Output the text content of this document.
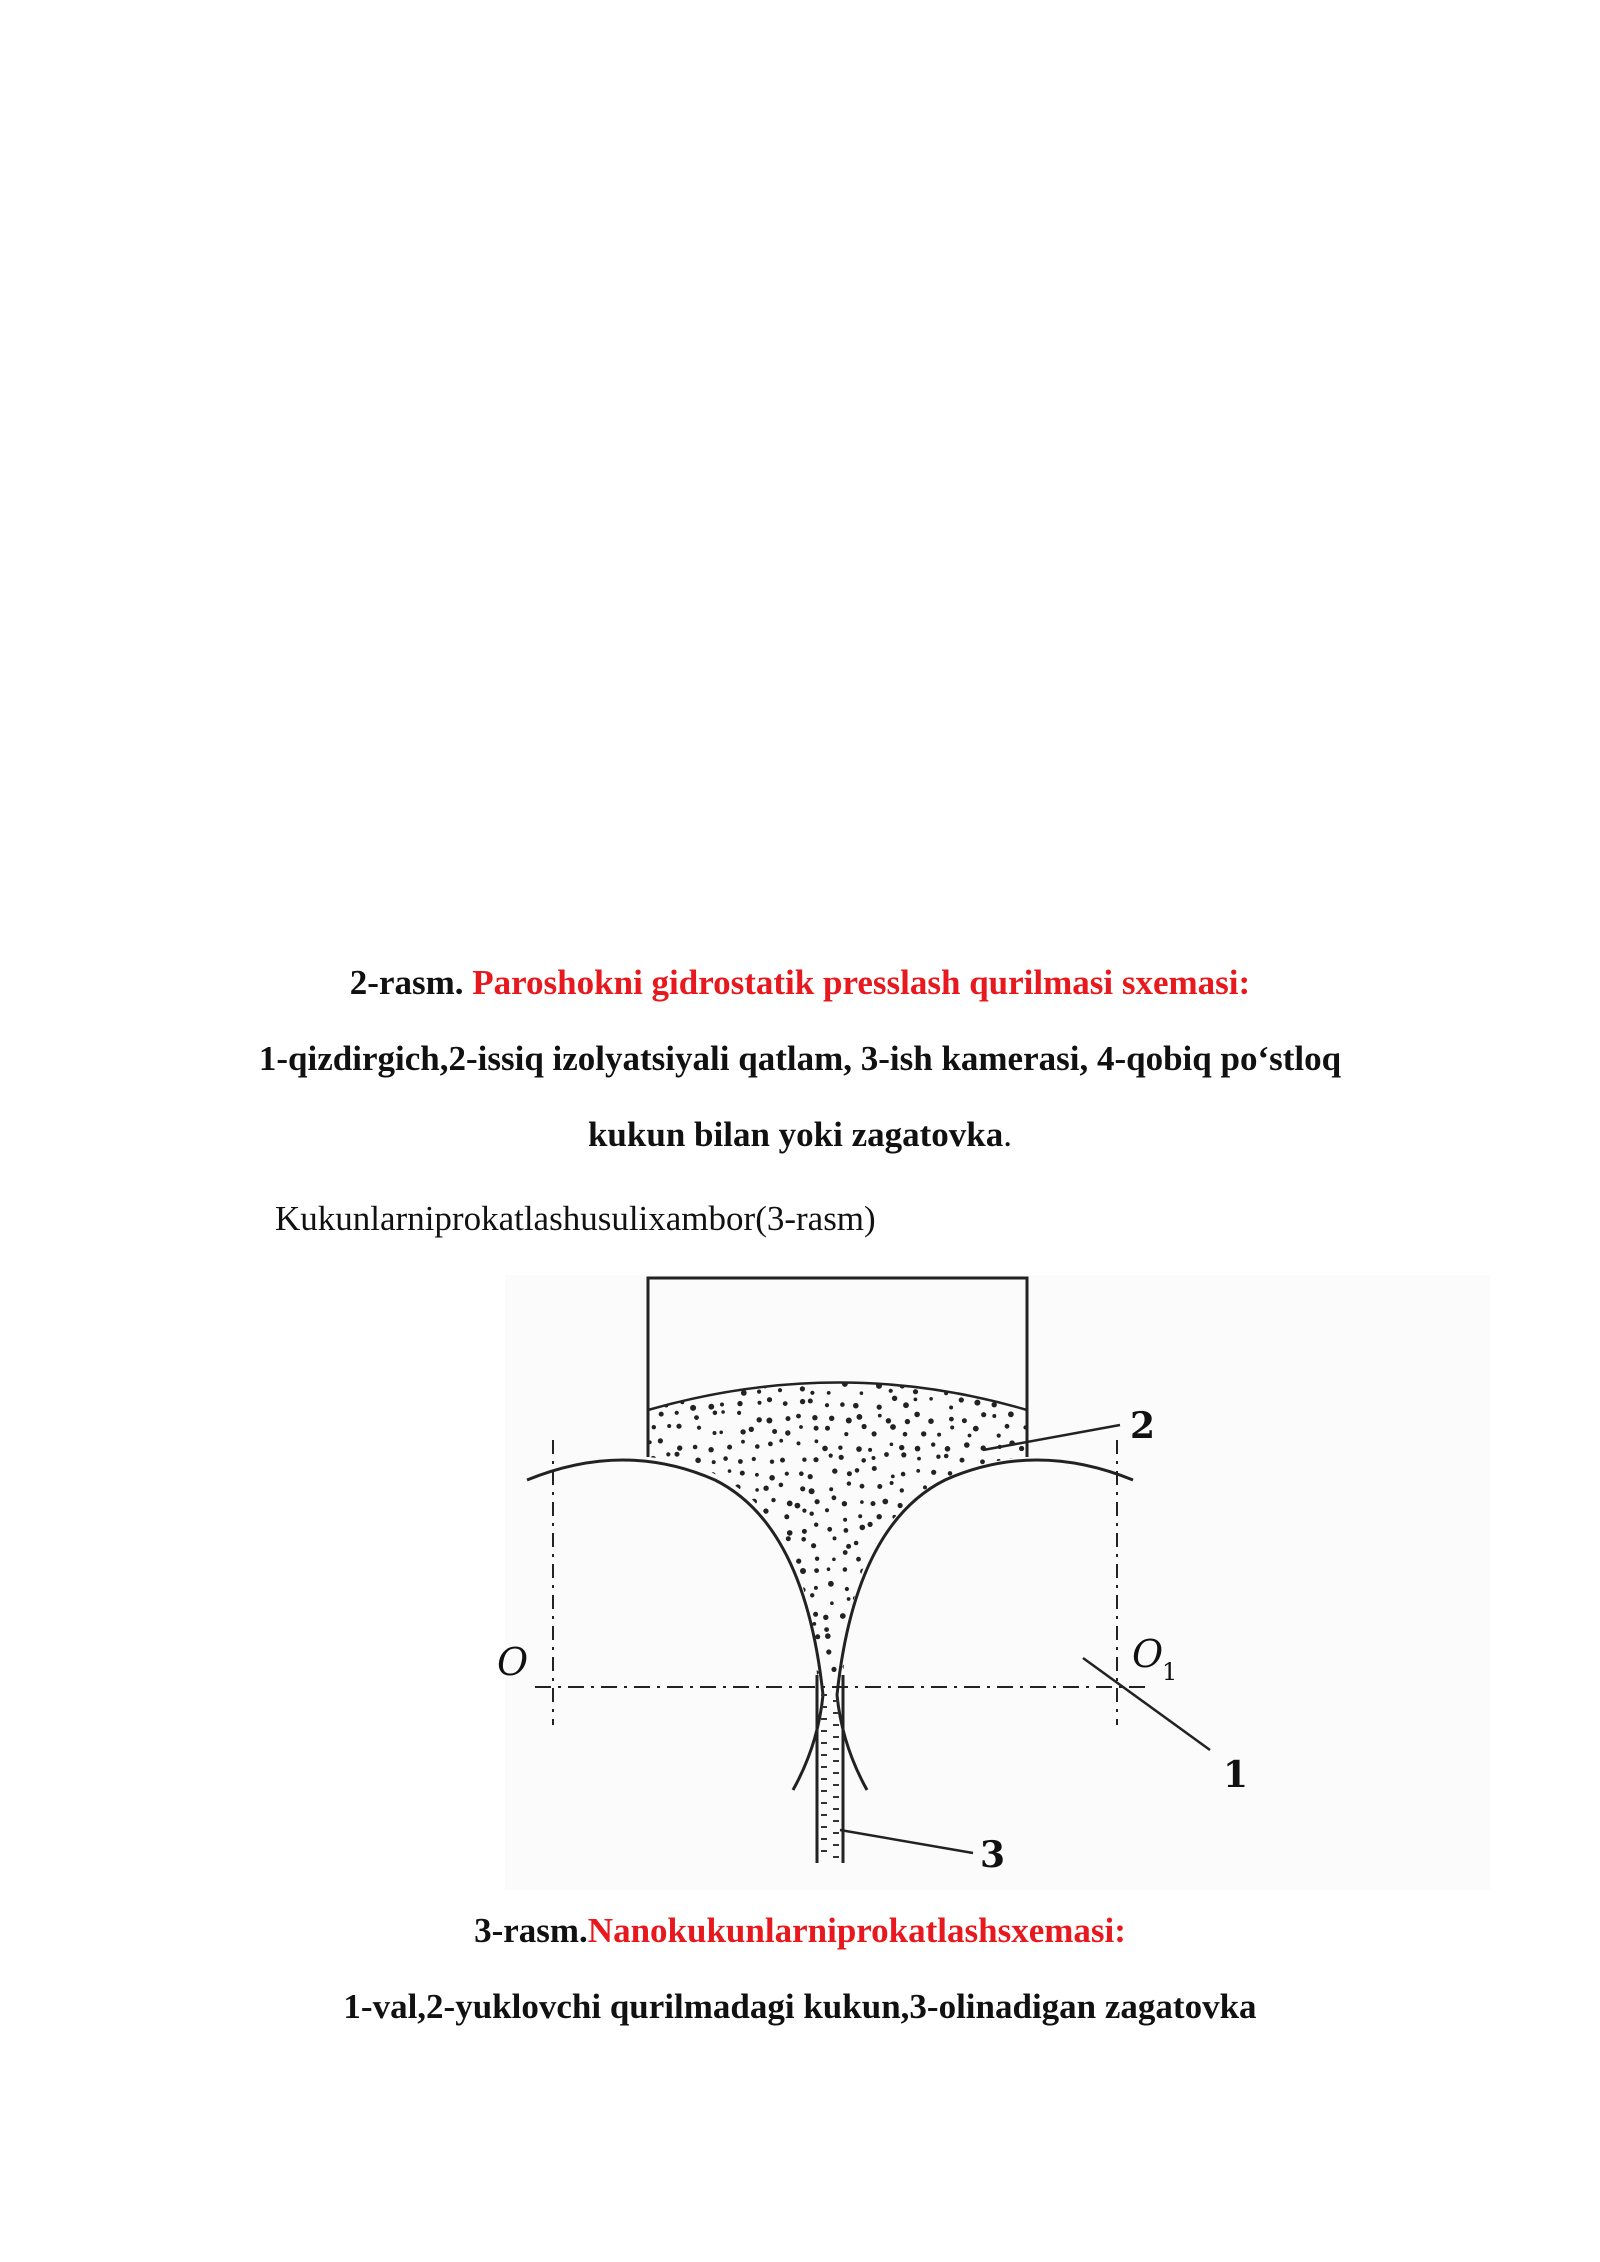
2-rasm. Paroshokni gidrostatik presslash qurilmasi sxemasi:
1-qizdirgich,2-issiq izolyatsiyali qatlam, 3-ish kamerasi, 4-qobiq po‘stloq
kukun bilan yoki zagatovka.
Kukunlarniprokatlashusulixambor(3-rasm)
2
1
3
O	O
1
3-rasm.Nanokukunlarniprokatlashsxemasi:
1-val,2-yuklovchi qurilmadagi kukun,3-olinadigan zagatovka
